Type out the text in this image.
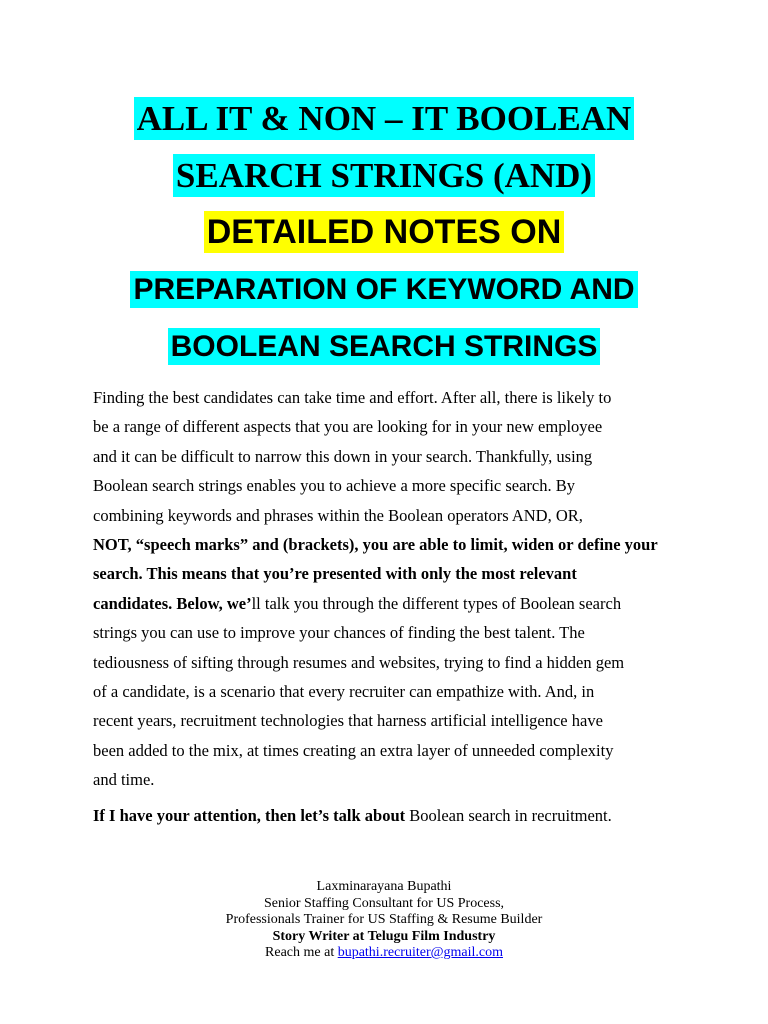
ALL IT & NON – IT BOOLEAN
SEARCH STRINGS (AND)
DETAILED NOTES ON
PREPARATION OF KEYWORD AND
BOOLEAN SEARCH STRINGS
Finding the best candidates can take time and effort. After all, there is likely to
be a range of different aspects that you are looking for in your new employee
and it can be difficult to narrow this down in your search. Thankfully, using
Boolean search strings enables you to achieve a more specific search. By
combining keywords and phrases within the Boolean operators AND, OR,
NOT, “speech marks” and (brackets), you are able to limit, widen or define your
search. This means that you’re presented with only the most relevant
candidates. Below, we’ll talk you through the different types of Boolean search
strings you can use to improve your chances of finding the best talent. The
tediousness of sifting through resumes and websites, trying to find a hidden gem
of a candidate, is a scenario that every recruiter can empathize with. And, in
recent years, recruitment technologies that harness artificial intelligence have
been added to the mix, at times creating an extra layer of unneeded complexity
and time.
If I have your attention, then let’s talk about Boolean search in recruitment.
Laxminarayana Bupathi
Senior Staffing Consultant for US Process,
Professionals Trainer for US Staffing & Resume Builder
Story Writer at Telugu Film Industry
Reach me at bupathi.recruiter@gmail.com
